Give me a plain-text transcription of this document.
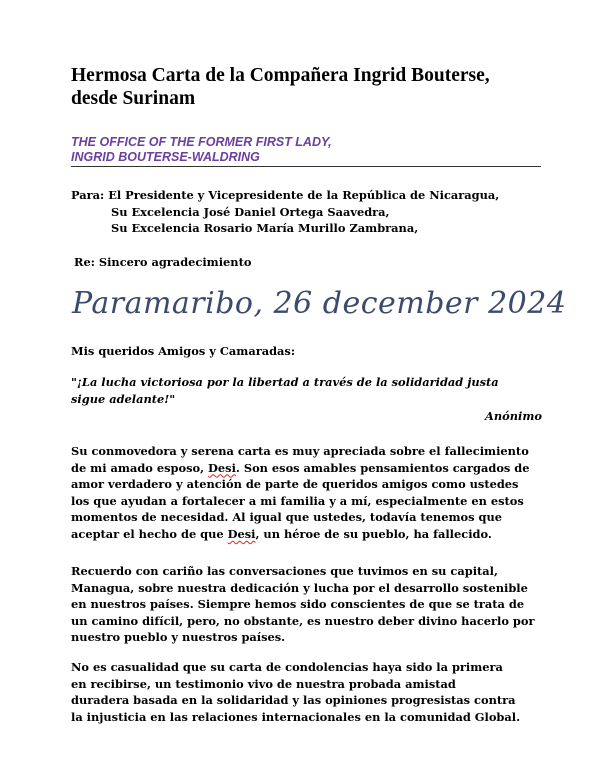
Hermosa Carta de la Compañera Ingrid Bouterse,
desde Surinam
THE OFFICE OF THE FORMER FIRST LADY,
INGRID BOUTERSE-WALDRING
Para: El Presidente y Vicepresidente de la República de Nicaragua,
Su Excelencia José Daniel Ortega Saavedra,
Su Excelencia Rosario María Murillo Zambrana,
Re: Sincero agradecimiento
Paramaribo, 26 december 2024
Mis queridos Amigos y Camaradas:
"¡La lucha victoriosa por la libertad a través de la solidaridad justa
sigue adelante!"
Anónimo
Su conmovedora y serena carta es muy apreciada sobre el fallecimiento
de mi amado esposo, Desi. Son esos amables pensamientos cargados de
amor verdadero y atención de parte de queridos amigos como ustedes
los que ayudan a fortalecer a mi familia y a mí, especialmente en estos
momentos de necesidad. Al igual que ustedes, todavía tenemos que
aceptar el hecho de que Desi, un héroe de su pueblo, ha fallecido.
Recuerdo con cariño las conversaciones que tuvimos en su capital,
Managua, sobre nuestra dedicación y lucha por el desarrollo sostenible
en nuestros países. Siempre hemos sido conscientes de que se trata de
un camino difícil, pero, no obstante, es nuestro deber divino hacerlo por
nuestro pueblo y nuestros países.
No es casualidad que su carta de condolencias haya sido la primera
en recibirse, un testimonio vivo de nuestra probada amistad
duradera basada en la solidaridad y las opiniones progresistas contra
la injusticia en las relaciones internacionales en la comunidad Global.
